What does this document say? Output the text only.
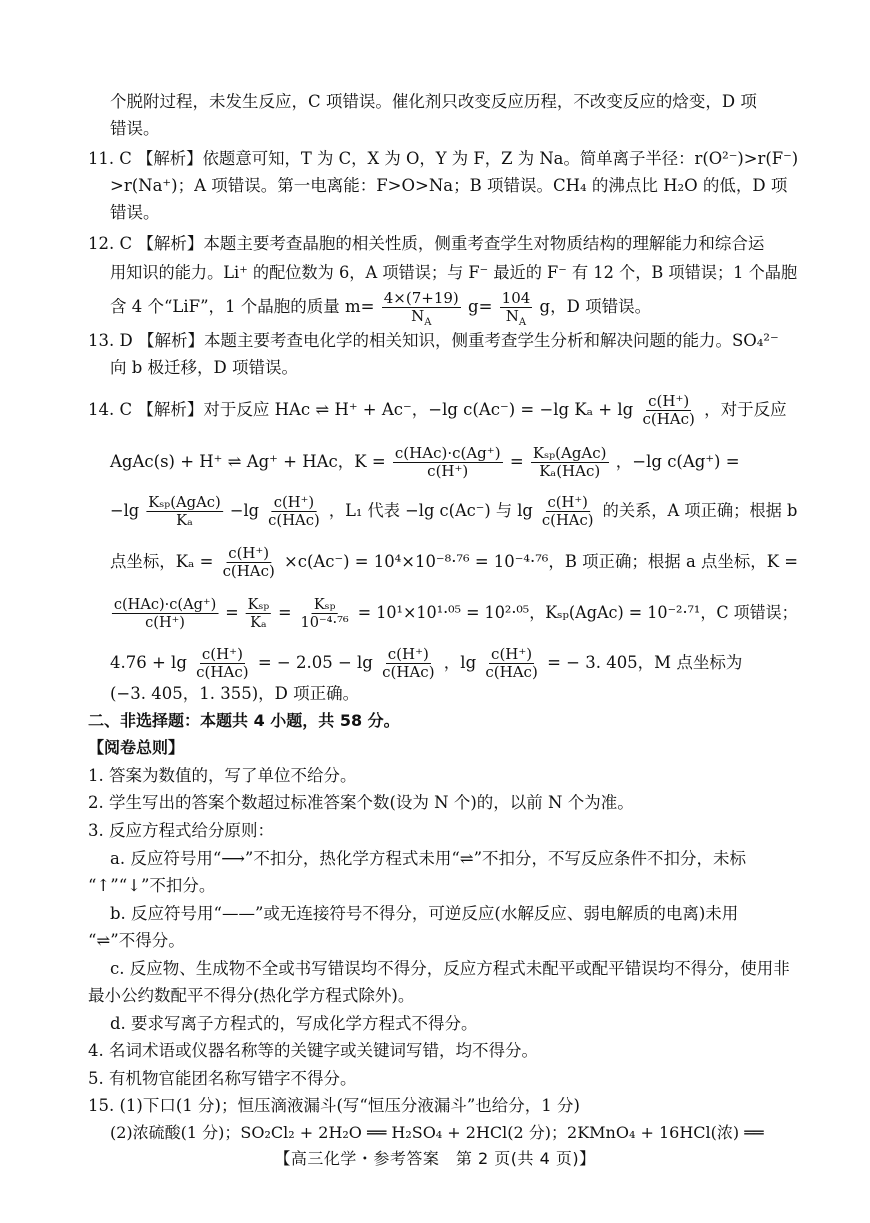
个脱附过程，未发生反应，C 项错误。催化剂只改变反应历程，不改变反应的焓变，D 项
错误。
11. C 【解析】依题意可知，T 为 C，X 为 O，Y 为 F，Z 为 Na。简单离子半径：r(O²⁻)>r(F⁻)
>r(Na⁺)；A 项错误。第一电离能：F>O>Na；B 项错误。CH₄ 的沸点比 H₂O 的低，D 项
错误。
12. C 【解析】本题主要考查晶胞的相关性质，侧重考查学生对物质结构的理解能力和综合运
用知识的能力。Li⁺ 的配位数为 6，A 项错误；与 F⁻ 最近的 F⁻ 有 12 个，B 项错误；1 个晶胞
含 4 个“LiF”，1 个晶胞的质量 $m= \frac{4\times(7+19)}{N_A} g= \frac{104}{N_A}$ g，D 项错误。
13. D 【解析】本题主要考查电化学的相关知识，侧重考查学生分析和解决问题的能力。SO₄²⁻
向 b 极迁移，D 项错误。
14. C 【解析】对于反应 HAc ⇌ H⁺ + Ac⁻，−lg c(Ac⁻) = −lg $K_a + \lg \frac{c(H^+)}{\text{c(HAc)}}$ ，对于反应
AgAc(s) + H⁺ ⇌ Ag⁺ + HAc，$K = \frac{\text{c(HAc)·c(Ag⁺)}}{c(H^+)} = \frac{\text{Kₛₚ(AgAc)}}{\text{Kₐ(HAc)}}$ ，−lg c(Ag⁺) =
$-\lg \frac{\text{Kₛₚ(AgAc)}}{\text{Kₐ}} -\lg \frac{c(H^+)}{\text{c(HAc)}}$ ，L₁ 代表 −lg c(Ac⁻) 与 $\lg \frac{c(H^+)}{\text{c(HAc)}}$ 的关系，A 项正确；根据 b
点坐标，$K_a = \frac{c(H^+)}{\text{c(HAc)}} \times c(Ac^-) = 10^4\times 10^{-8}\cdot^{76} = 10^{-4}\cdot^{76}$，B 项正确；根据 a 点坐标，K =
$\frac{\text{c(HAc)·c(Ag⁺)}}{c(H^+)} = \frac{\text{Kₛₚ}}{\text{Kₐ}} = \frac{\text{Kₛₚ}}{\text{10⁻⁴·⁷⁶}} = 10^1\times 10^1\cdot^{05} = 10^2\cdot^{05}$，Kₛₚ(AgAc) = 10⁻²·⁷¹，C 项错误；
$4.76 + \lg \frac{c(H^+)}{\text{c(HAc)}}$ = − $2.05 - \lg \frac{c(H^+)}{\text{c(HAc)}}$ ，$\lg \frac{c(H^+)}{\text{c(HAc)}}$ = − 3. 405，M 点坐标为
(−3. 405，1. 355)，D 项正确。
二、非选择题：本题共 4 小题，共 58 分。
【阅卷总则】
1. 答案为数值的，写了单位不给分。
2. 学生写出的答案个数超过标准答案个数(设为 N 个)的，以前 N 个为准。
3. 反应方程式给分原则：
a. 反应符号用“⟶”不扣分，热化学方程式未用“⇌”不扣分，不写反应条件不扣分，未标
“↑”“↓”不扣分。
b. 反应符号用“——”或无连接符号不得分，可逆反应(水解反应、弱电解质的电离)未用
“⇌”不得分。
c. 反应物、生成物不全或书写错误均不得分，反应方程式未配平或配平错误均不得分，使用非
最小公约数配平不得分(热化学方程式除外)。
d. 要求写离子方程式的，写成化学方程式不得分。
4. 名词术语或仪器名称等的关键字或关键词写错，均不得分。
5. 有机物官能团名称写错字不得分。
15. (1)下口(1 分)；恒压滴液漏斗(写“恒压分液漏斗”也给分，1 分)
(2)浓硫酸(1 分)；SO₂Cl₂ + 2H₂O ══ H₂SO₄ + 2HCl(2 分)；2KMnO₄ + 16HCl(浓) ══
【高三化学・参考答案　第 2 页(共 4 页)】
